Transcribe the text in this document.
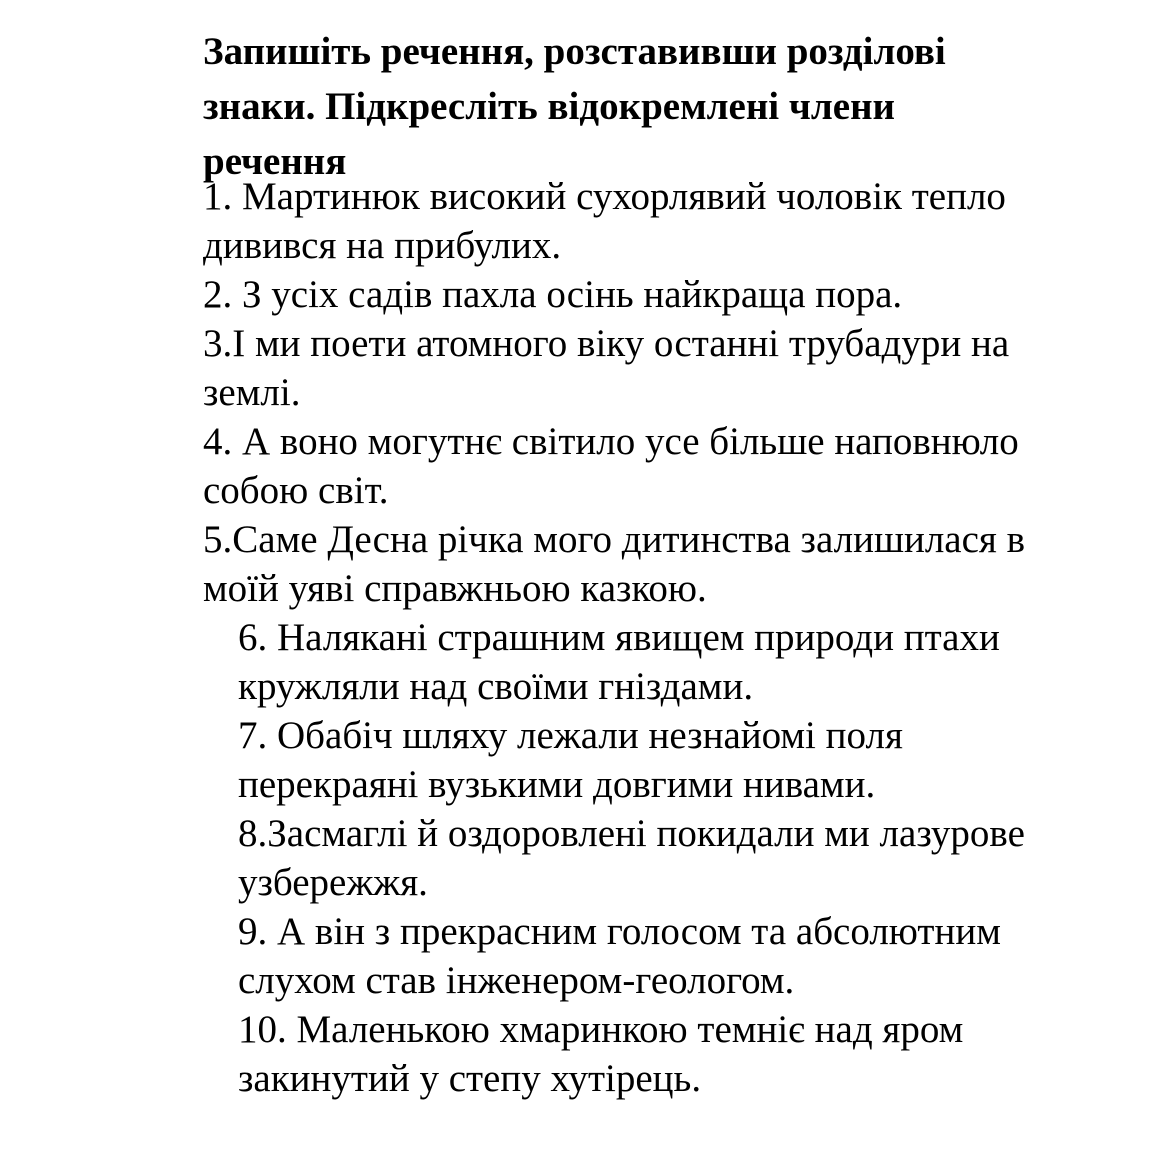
Запишіть речення, розставивши розділові
знаки. Підкресліть відокремлені члени
речення

1. Мартинюк високий сухорлявий чоловік тепло
дивився на прибулих.

2. З усіх садів пахла осінь найкраща пора.

3.І ми поети атомного віку останні трубадури на
землі.

4. А воно могутнє світило усе більше наповнюло
собою світ.

5.Саме Десна річка мого дитинства залишилася в
моїй уяві справжньою казкою.

6. Налякані страшним явищем природи птахи
кружляли над своїми гніздами.

7. Обабіч шляху лежали незнайомі поля
перекраяні вузькими довгими нивами.

8.Засмаглі й оздоровлені покидали ми лазурове
узбережжя.

9. А він з прекрасним голосом та абсолютним
слухом став інженером-геологом.

10. Маленькою хмаринкою темніє над яром
закинутий у степу хутірець.
